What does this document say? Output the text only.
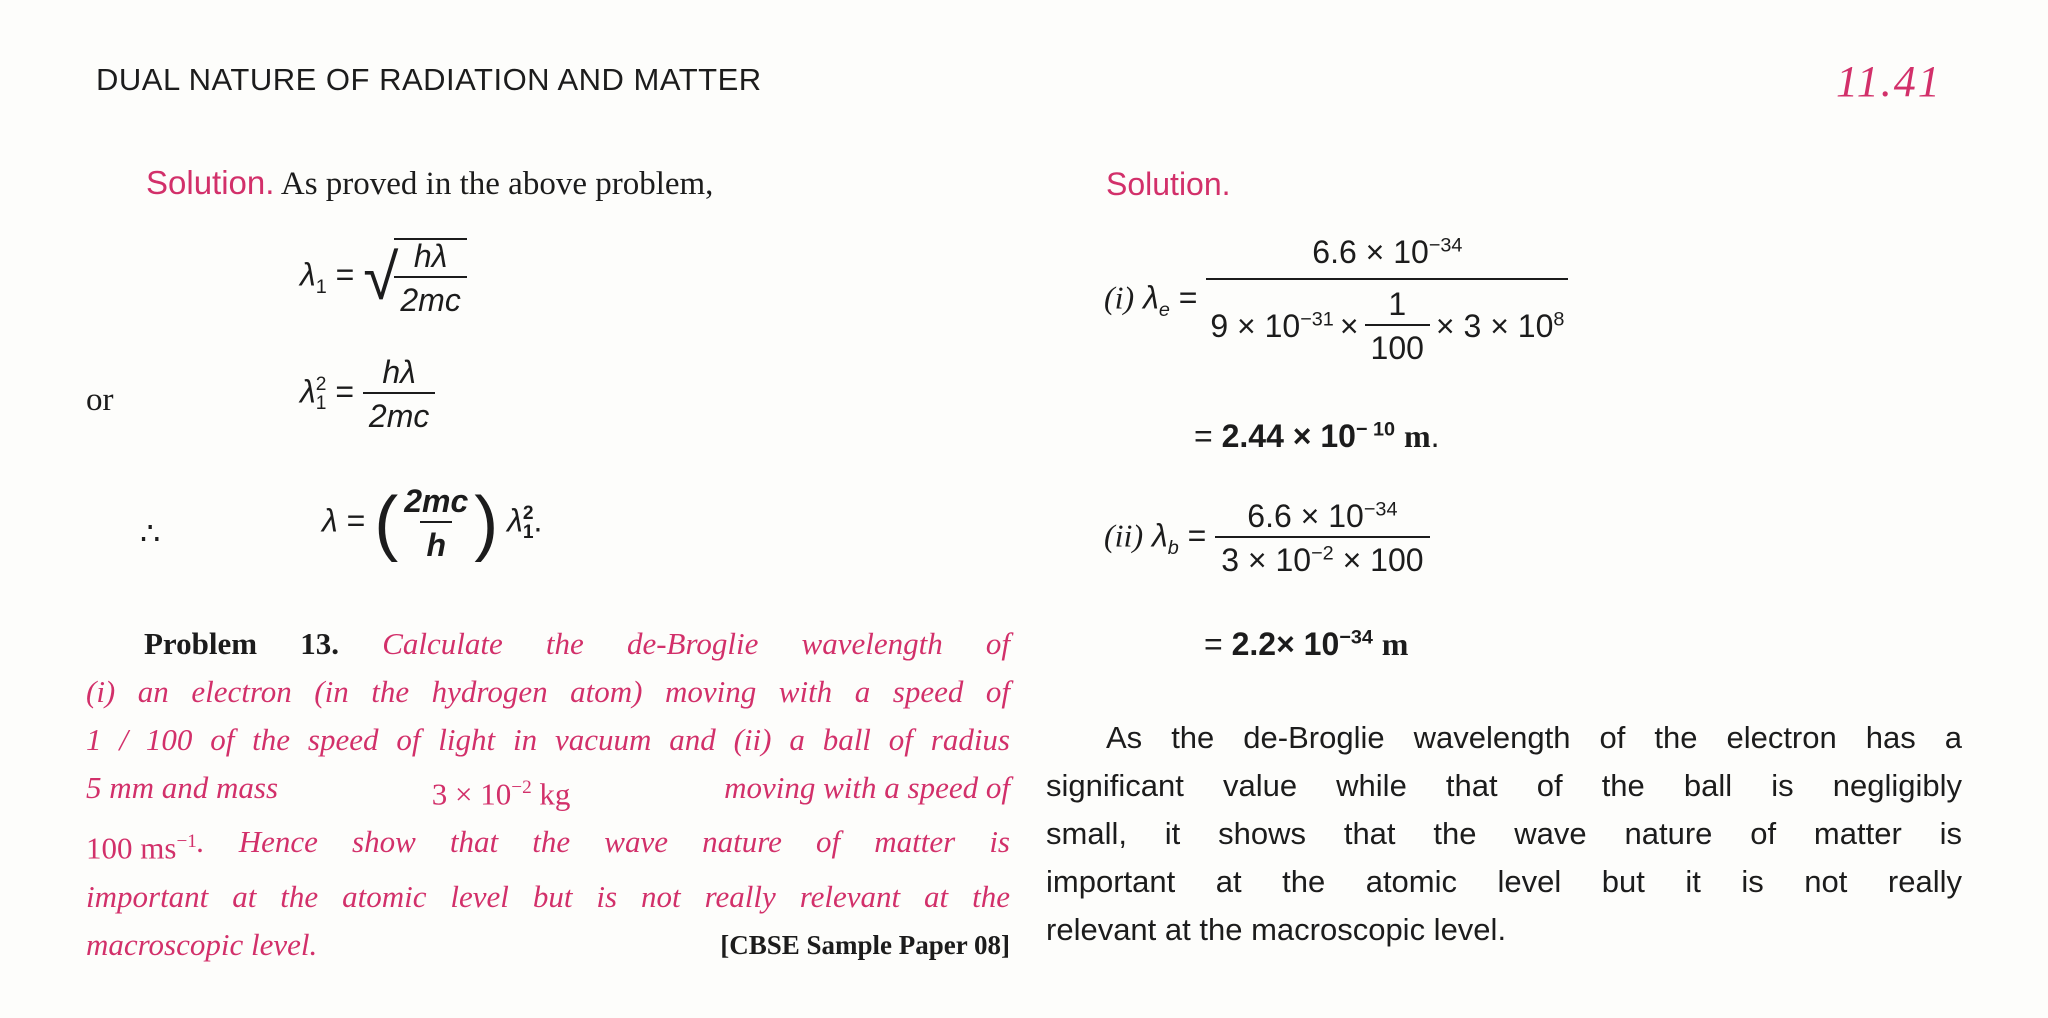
DUAL NATURE OF RADIATION AND MATTER	11.41
Solution. As proved in the above problem,
$\lambda_1$ = √
$\frac{h\lambda}{2mc}$
or	λ 2
$1 = \frac{h\lambda}{2mc}$
∴	λ = ( $\frac{2mc}{h}$ ) λ 2
1 .
Problem 13. Calculate the de-Broglie wavelength of
(i) an electron (in the hydrogen atom) moving with a speed of
1 / 100 of the speed of light in vacuum and (ii) a ball of radius
5 mm and mass	$3 \times 10^{-2}$ kg	moving with a speed of
100 $ms^{-1}$ . Hence show that the wave nature of matter is
important at the atomic level but is not really relevant at the
macroscopic level.	[CBSE Sample Paper 08]
Solution.
(i) $\lambda_e$ =
$6.6 \times 10^{-34}$
$9 \times 10^{-31} \times \frac{1}{100} \times 3 \times 10^8$
= $2.44 \times 10^{- 10}$ m.
(ii) $\lambda_b = \frac{6.6 \times 10^{-34}}{3 \times 10^{-2} \times 100}$
= $2.2\times 10^{-34}$ m
As the de-Broglie wavelength of the electron has a
significant value while that of the ball is negligibly
small, it shows that the wave nature of matter is
important at the atomic level but it is not really
relevant at the macroscopic level.
